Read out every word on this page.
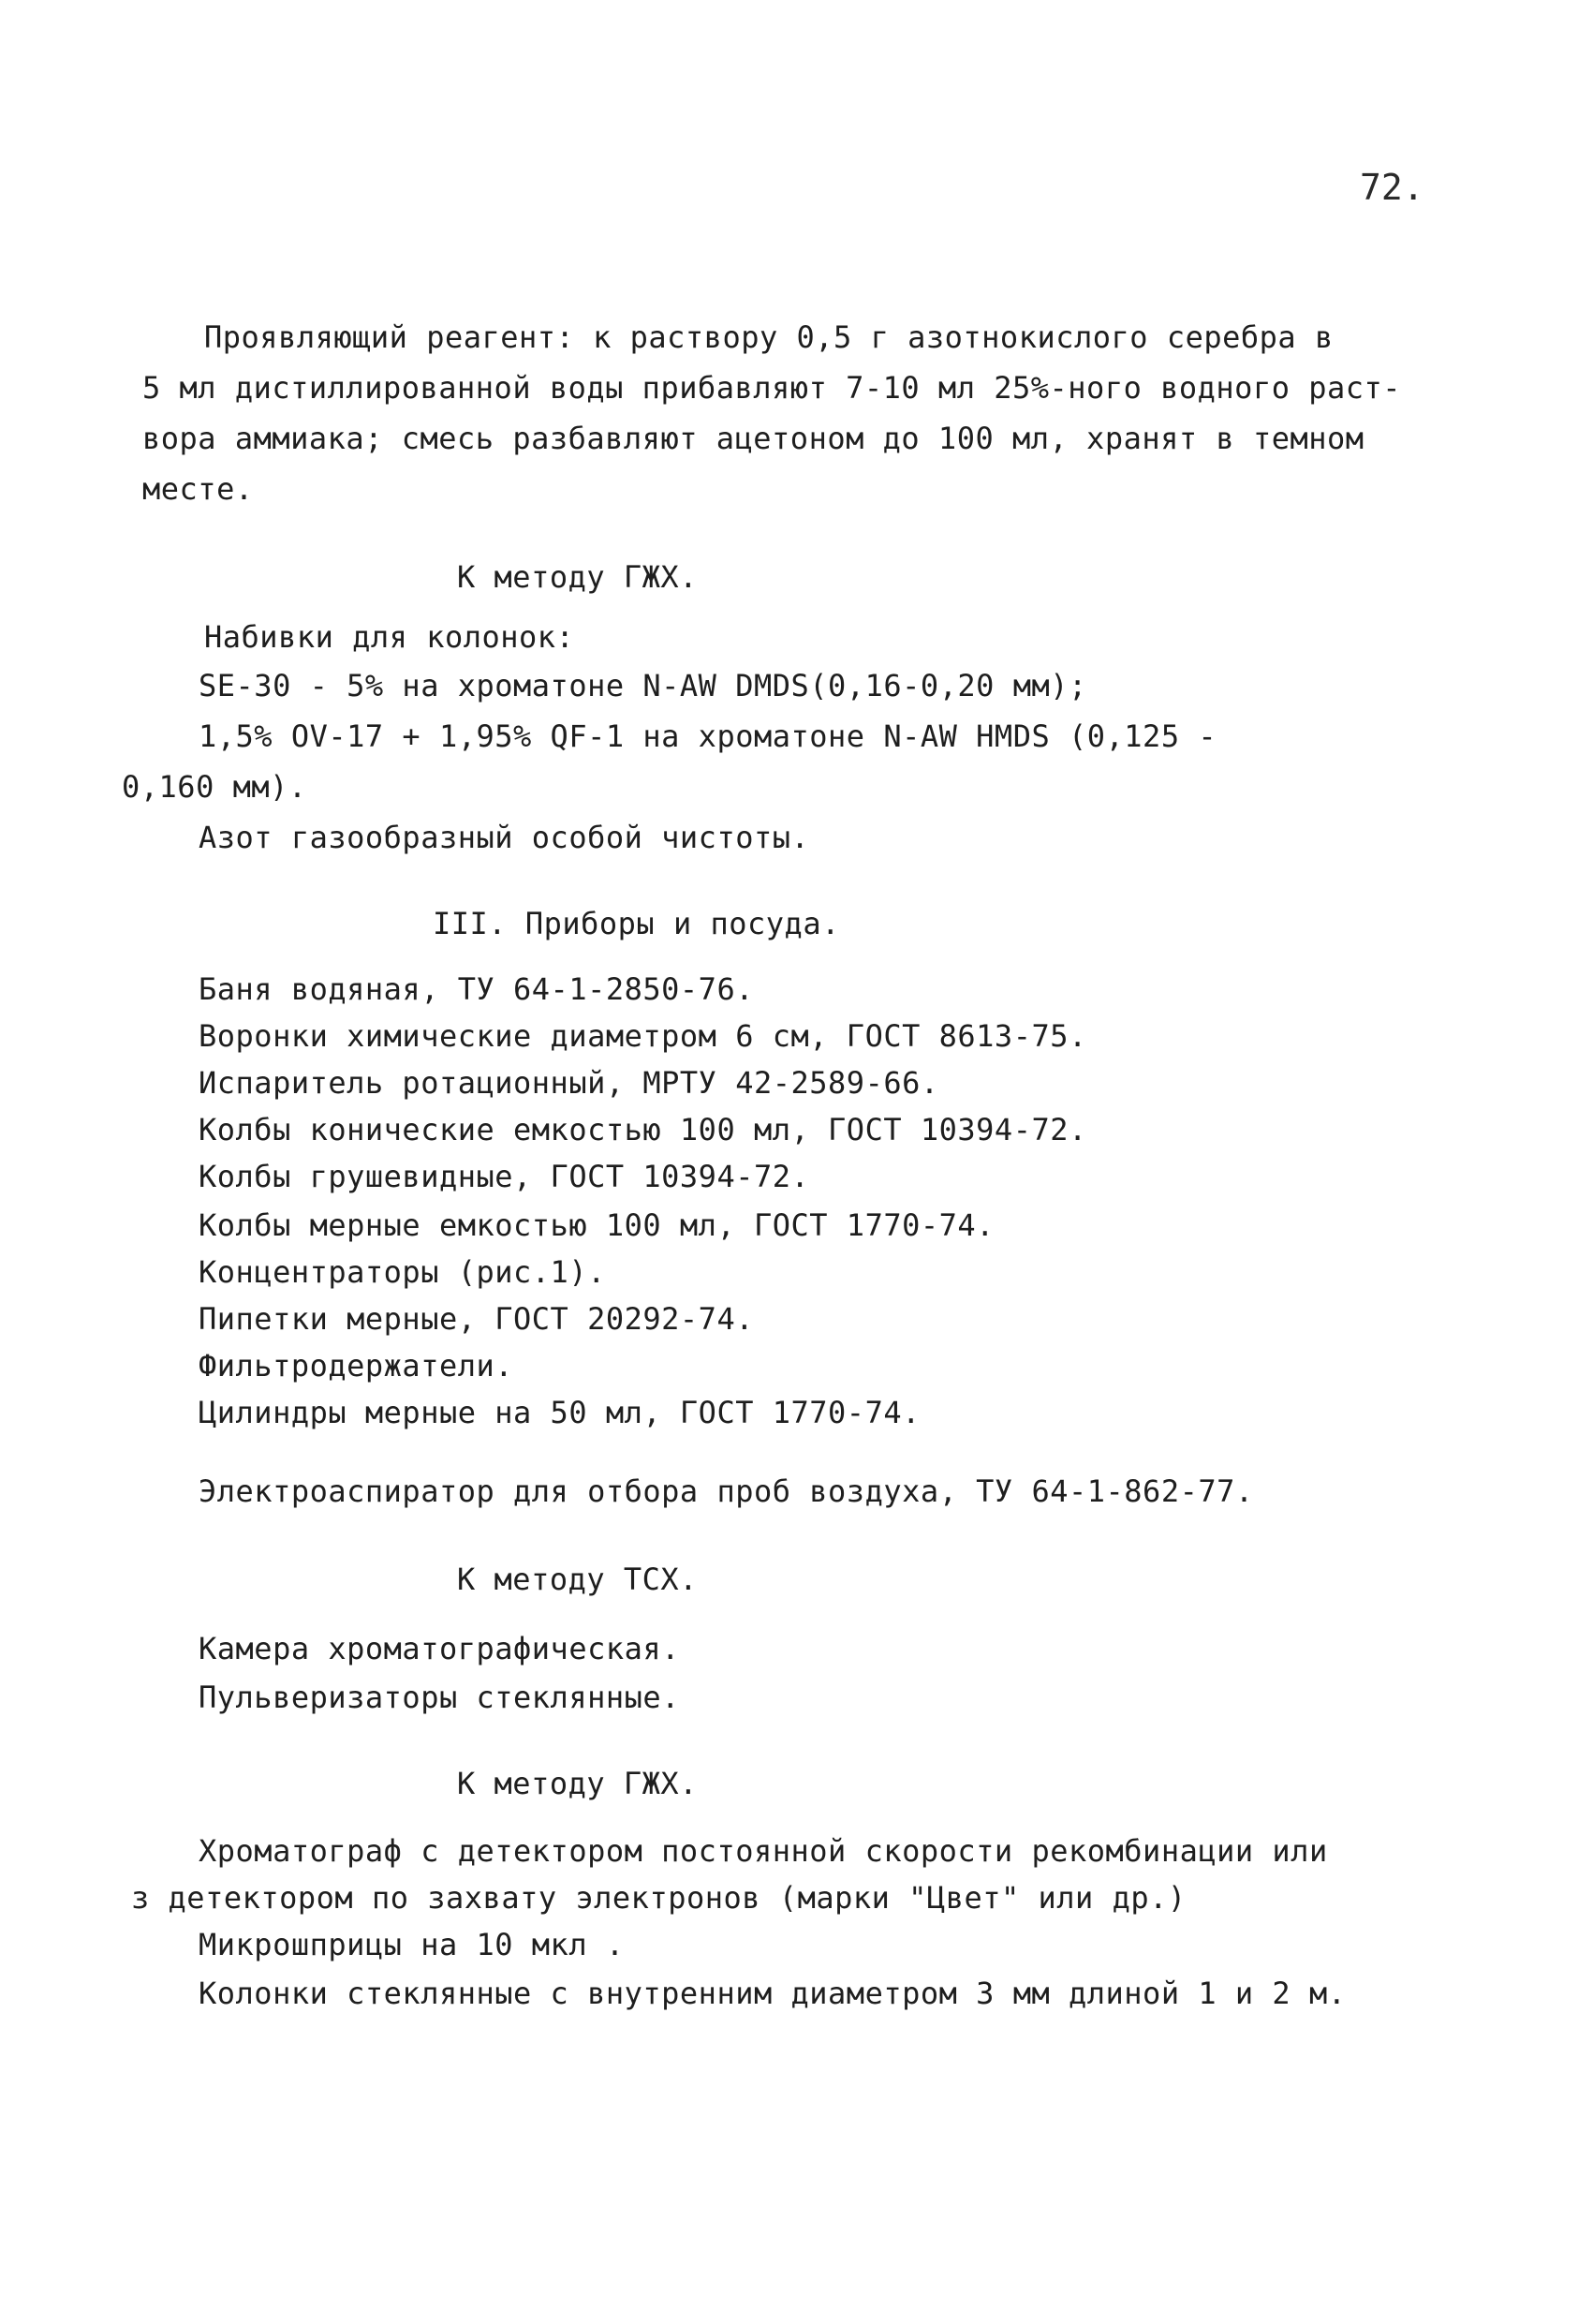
72.
Проявляющий реагент: к раствору 0,5 г азотнокислого серебра в
5 мл дистиллированной воды прибавляют 7-10 мл 25%-ного водного раст-
вора аммиака; смесь разбавляют ацетоном до 100 мл, хранят в темном
месте.
К методу ГЖХ.
Набивки для колонок:
SE-30 - 5% на хроматоне N-AW DMDS(0,16-0,20 мм);
1,5% OV-17 + 1,95% QF-1 на хроматоне N-AW HMDS (0,125 -
0,160 мм).
Азот газообразный особой чистоты.
III. Приборы и посуда.
Баня водяная, ТУ 64-1-2850-76.
Воронки химические диаметром 6 см, ГОСТ 8613-75.
Испаритель ротационный, МРТУ 42-2589-66.
Колбы конические емкостью 100 мл, ГОСТ 10394-72.
Колбы грушевидные, ГОСТ 10394-72.
Колбы мерные емкостью 100 мл, ГОСТ 1770-74.
Концентраторы (рис.1).
Пипетки мерные, ГОСТ 20292-74.
Фильтродержатели.
Цилиндры мерные на 50 мл, ГОСТ 1770-74.
Электроаспиратор для отбора проб воздуха, ТУ 64-1-862-77.
К методу ТСХ.
Камера хроматографическая.
Пульверизаторы стеклянные.
К методу ГЖХ.
Хроматограф с детектором постоянной скорости рекомбинации или
з детектором по захвату электронов (марки "Цвет" или др.)
Микрошприцы на 10 мкл .
Колонки стеклянные с внутренним диаметром 3 мм длиной 1 и 2 м.
